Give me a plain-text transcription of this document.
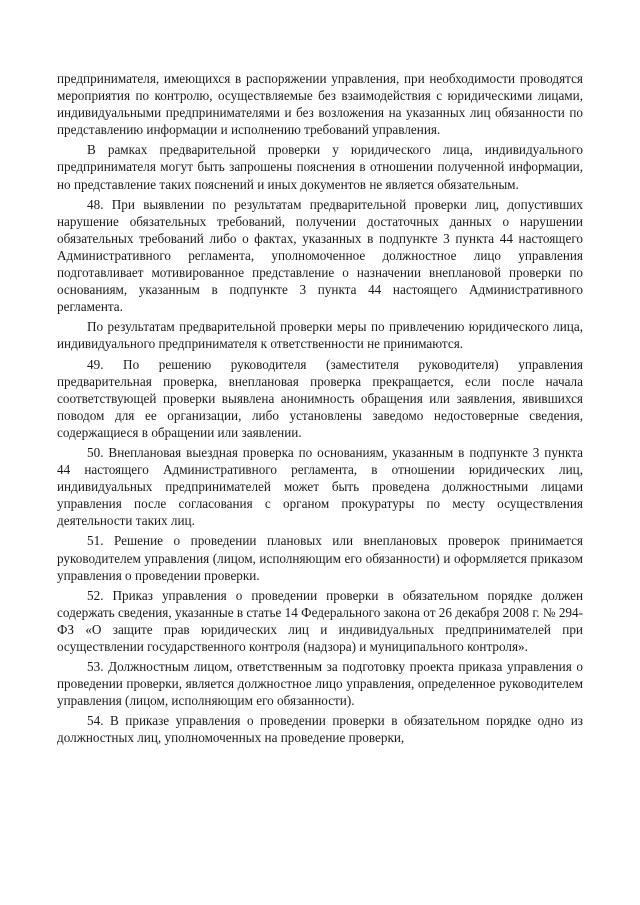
предпринимателя, имеющихся в распоряжении управления, при необходимости проводятся мероприятия по контролю, осуществляемые без взаимодействия с юридическими лицами, индивидуальными предпринимателями и без возложения на указанных лиц обязанности по представлению информации и исполнению требований управления.

В рамках предварительной проверки у юридического лица, индивидуального предпринимателя могут быть запрошены пояснения в отношении полученной информации, но представление таких пояснений и иных документов не является обязательным.

48. При выявлении по результатам предварительной проверки лиц, допустивших нарушение обязательных требований, получении достаточных данных о нарушении обязательных требований либо о фактах, указанных в подпункте 3 пункта 44 настоящего Административного регламента, уполномоченное должностное лицо управления подготавливает мотивированное представление о назначении внеплановой проверки по основаниям, указанным в подпункте 3 пункта 44 настоящего Административного регламента.

По результатам предварительной проверки меры по привлечению юридического лица, индивидуального предпринимателя к ответственности не принимаются.

49. По решению руководителя (заместителя руководителя) управления предварительная проверка, внеплановая проверка прекращается, если после начала соответствующей проверки выявлена анонимность обращения или заявления, явившихся поводом для ее организации, либо установлены заведомо недостоверные сведения, содержащиеся в обращении или заявлении.

50. Внеплановая выездная проверка по основаниям, указанным в подпункте 3 пункта 44 настоящего Административного регламента, в отношении юридических лиц, индивидуальных предпринимателей может быть проведена должностными лицами управления после согласования с органом прокуратуры по месту осуществления деятельности таких лиц.

51. Решение о проведении плановых или внеплановых проверок принимается руководителем управления (лицом, исполняющим его обязанности) и оформляется приказом управления о проведении проверки.

52. Приказ управления о проведении проверки в обязательном порядке должен содержать сведения, указанные в статье 14 Федерального закона от 26 декабря 2008 г. № 294-ФЗ «О защите прав юридических лиц и индивидуальных предпринимателей при осуществлении государственного контроля (надзора) и муниципального контроля».

53. Должностным лицом, ответственным за подготовку проекта приказа управления о проведении проверки, является должностное лицо управления, определенное руководителем управления (лицом, исполняющим его обязанности).

54. В приказе управления о проведении проверки в обязательном порядке одно из должностных лиц, уполномоченных на проведение проверки,
